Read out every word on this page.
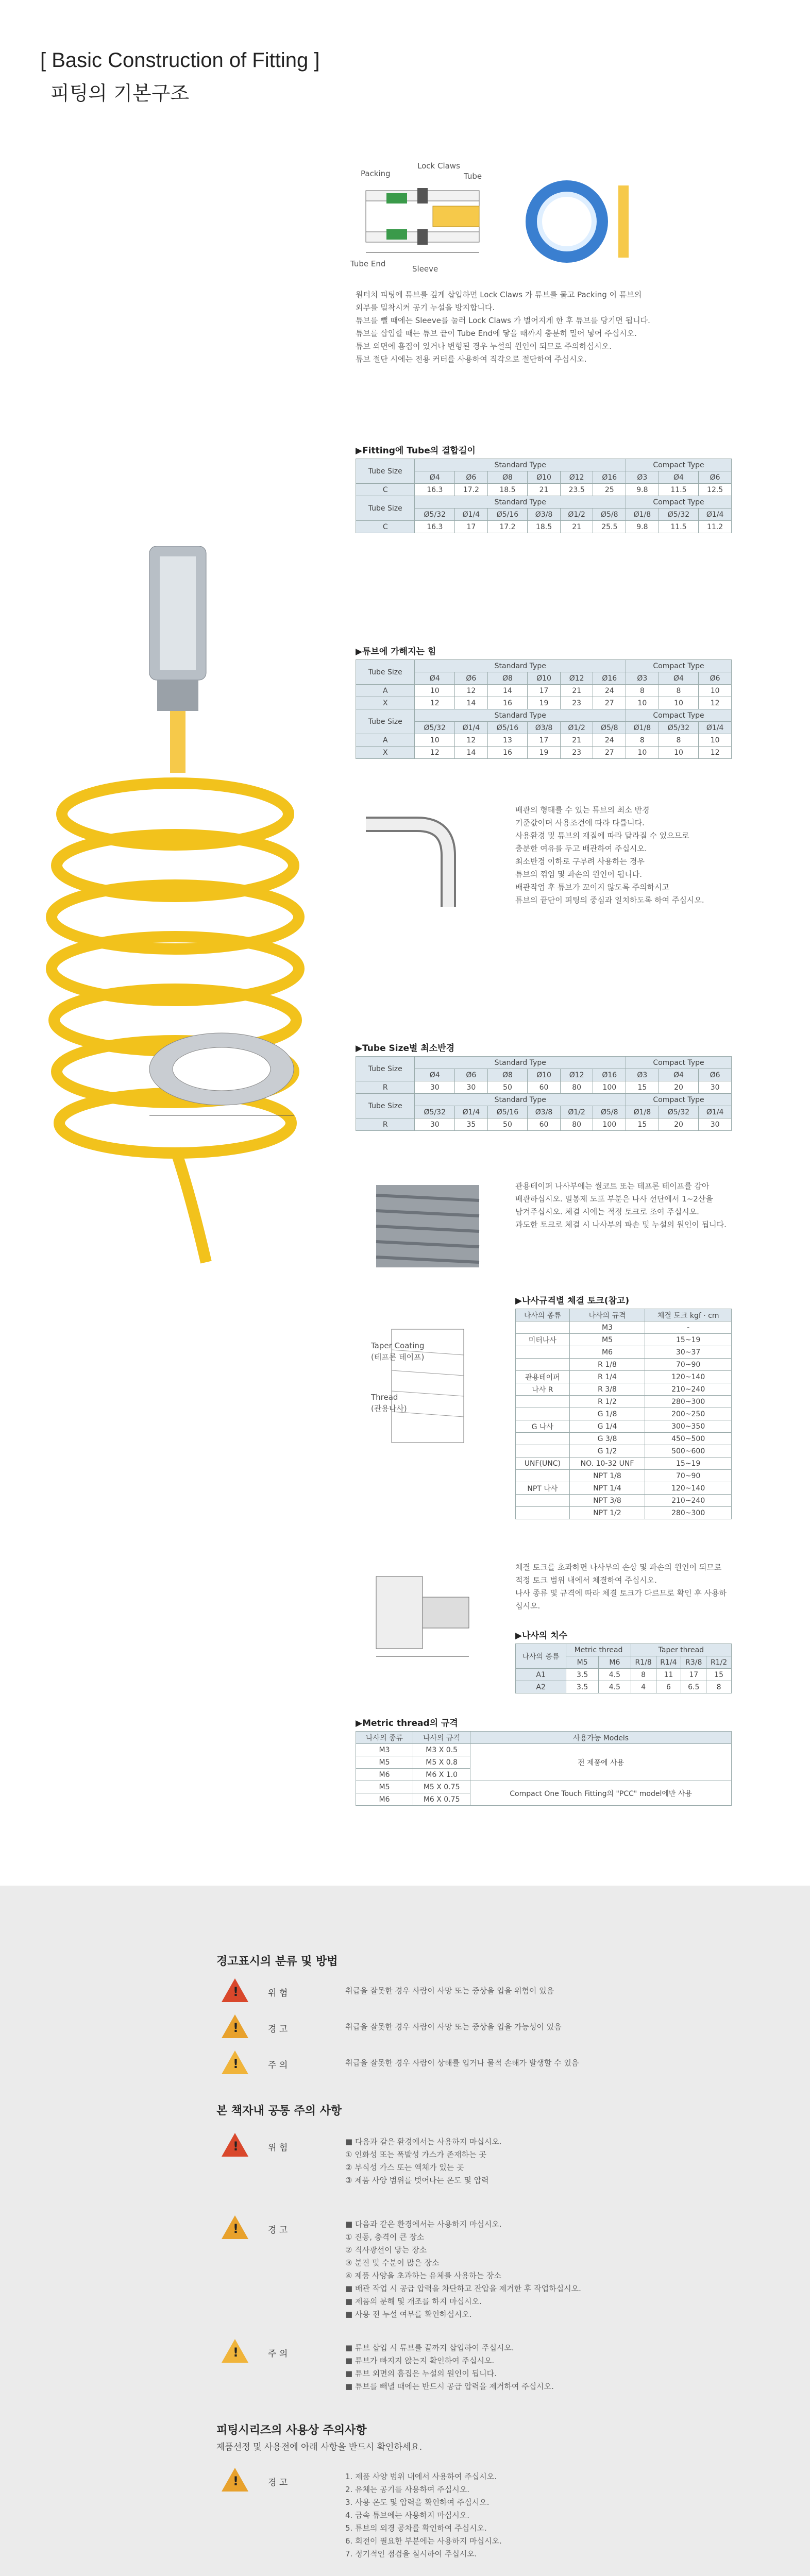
[ Basic Construction of Fitting ]
피팅의 기본구조
Packing
Lock Claws
Tube
Tube End
Sleeve
원터치 피팅에 튜브를 깊게 삽입하면 Lock Claws 가 튜브를 물고 Packing 이 튜브의
외부를 밀착시켜 공기 누설을 방지합니다.
튜브를 뺄 때에는 Sleeve를 눌러 Lock Claws 가 벌어지게 한 후 튜브를 당기면 됩니다.
튜브를 삽입할 때는 튜브 끝이 Tube End에 닿을 때까지 충분히 밀어 넣어 주십시오.
튜브 외면에 흠집이 있거나 변형된 경우 누설의 원인이 되므로 주의하십시오.
튜브 절단 시에는 전용 커터를 사용하여 직각으로 절단하여 주십시오.
▶Fitting에 Tube의 결합길이
Tube Size	Standard Type						Compact Type		
	Ø4	Ø6	Ø8	Ø10	Ø12	Ø16	Ø3	Ø4	Ø6
C	16.3	17.2	18.5	21	23.5	25	9.8	11.5	12.5
Tube Size	Standard Type						Compact Type		
	Ø5/32	Ø1/4	Ø5/16	Ø3/8	Ø1/2	Ø5/8	Ø1/8	Ø5/32	Ø1/4
C	16.3	17	17.2	18.5	21	25.5	9.8	11.5	11.2
▶튜브에 가해지는 힘
Tube Size	Standard Type						Compact Type		
	Ø4	Ø6	Ø8	Ø10	Ø12	Ø16	Ø3	Ø4	Ø6
A	10	12	14	17	21	24	8	8	10
X	12	14	16	19	23	27	10	10	12
Tube Size	Standard Type						Compact Type		
	Ø5/32	Ø1/4	Ø5/16	Ø3/8	Ø1/2	Ø5/8	Ø1/8	Ø5/32	Ø1/4
A	10	12	13	17	21	24	8	8	10
X	12	14	16	19	23	27	10	10	12
배관의 형태를 수 있는 튜브의 최소 반경
기준값이며 사용조건에 따라 다릅니다.
사용환경 및 튜브의 재질에 따라 달라질 수 있으므로
충분한 여유를 두고 배관하여 주십시오.
최소반경 이하로 구부려 사용하는 경우
튜브의 꺾임 및 파손의 원인이 됩니다.
배관작업 후 튜브가 꼬이지 않도록 주의하시고
튜브의 끝단이 피팅의 중심과 일치하도록 하여 주십시오.
▶Tube Size별 최소반경
Tube Size	Standard Type						Compact Type		
	Ø4	Ø6	Ø8	Ø10	Ø12	Ø16	Ø3	Ø4	Ø6
R	30	30	50	60	80	100	15	20	30
Tube Size	Standard Type						Compact Type		
	Ø5/32	Ø1/4	Ø5/16	Ø3/8	Ø1/2	Ø5/8	Ø1/8	Ø5/32	Ø1/4
R	30	35	50	60	80	100	15	20	30
관용테이퍼 나사부에는 씰코트 또는 테프론 테이프를 감아
배관하십시오. 밀봉제 도포 부분은 나사 선단에서 1~2산을
남겨주십시오. 체결 시에는 적정 토크로 조여 주십시오.
과도한 토크로 체결 시 나사부의 파손 및 누설의 원인이 됩니다.
Taper Coating
(테프론 테이프)
Thread
(관용나사)
▶나사규격별 체결 토크(참고)
나사의 종류	나사의 규격	체결 토크 kgf · cm
	M3	-
미터나사	M5	15~19
	M6	30~37
	R 1/8	70~90
관용테이퍼	R 1/4	120~140
나사 R	R 3/8	210~240
	R 1/2	280~300
	G 1/8	200~250
G 나사	G 1/4	300~350
	G 3/8	450~500
	G 1/2	500~600
UNF(UNC)	NO. 10-32 UNF	15~19
	NPT 1/8	70~90
NPT 나사	NPT 1/4	120~140
	NPT 3/8	210~240
	NPT 1/2	280~300
체결 토크를 초과하면 나사부의 손상 및 파손의 원인이 되므로
적정 토크 범위 내에서 체결하여 주십시오.
나사 종류 및 규격에 따라 체결 토크가 다르므로 확인 후 사용하십시오.
▶나사의 치수
나사의 종류	Metric thread		Taper thread			
	M5	M6	R1/8	R1/4	R3/8	R1/2
A1	3.5	4.5	8	11	17	15
A2	3.5	4.5	4	6	6.5	8
▶Metric thread의 규격
나사의 종류	나사의 규격	사용가능 Models
M3	M3 X 0.5	전 제품에 사용
M5	M5 X 0.8	
M6	M6 X 1.0	
M5	M5 X 0.75	Compact One Touch Fitting의 "PCC" model에만 사용
M6	M6 X 0.75	
경고표시의 분류 및 방법
!	위 험	취급을 잘못한 경우 사람이 사망 또는 중상을 입을 위험이 있음
!	경 고	취급을 잘못한 경우 사람이 사망 또는 중상을 입을 가능성이 있음
!	주 의	취급을 잘못한 경우 사람이 상해를 입거나 물적 손해가 발생할 수 있음
본 책자내 공통 주의 사항
!	위 험
■ 다음과 같은 환경에서는 사용하지 마십시오.
① 인화성 또는 폭발성 가스가 존재하는 곳
② 부식성 가스 또는 액체가 있는 곳
③ 제품 사양 범위를 벗어나는 온도 및 압력
!	경 고
■ 다음과 같은 환경에서는 사용하지 마십시오.
① 진동, 충격이 큰 장소
② 직사광선이 닿는 장소
③ 분진 및 수분이 많은 장소
④ 제품 사양을 초과하는 유체를 사용하는 장소
■ 배관 작업 시 공급 압력을 차단하고 잔압을 제거한 후 작업하십시오.
■ 제품의 분해 및 개조를 하지 마십시오.
■ 사용 전 누설 여부를 확인하십시오.
!	주 의
■ 튜브 삽입 시 튜브를 끝까지 삽입하여 주십시오.
■ 튜브가 빠지지 않는지 확인하여 주십시오.
■ 튜브 외면의 흠집은 누설의 원인이 됩니다.
■ 튜브를 빼낼 때에는 반드시 공급 압력을 제거하여 주십시오.
피팅시리즈의 사용상 주의사항
제품선정 및 사용전에 아래 사항을 반드시 확인하세요.
!	경 고
1. 제품 사양 범위 내에서 사용하여 주십시오.
2. 유체는 공기를 사용하여 주십시오.
3. 사용 온도 및 압력을 확인하여 주십시오.
4. 금속 튜브에는 사용하지 마십시오.
5. 튜브의 외경 공차를 확인하여 주십시오.
6. 회전이 필요한 부분에는 사용하지 마십시오.
7. 정기적인 점검을 실시하여 주십시오.
